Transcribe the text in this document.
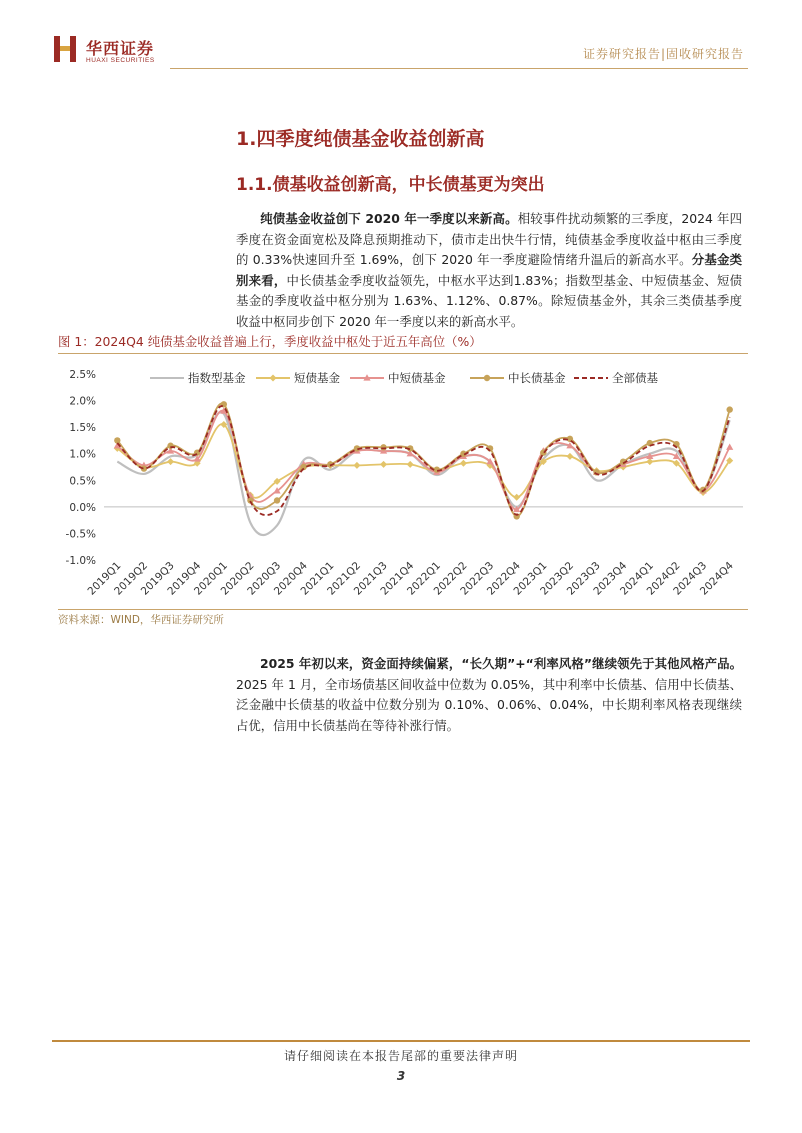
华西证券
HUAXI SECURITIES	证券研究报告|固收研究报告
1.四季度纯债基金收益创新高
1.1.债基收益创新高，中长债基更为突出
纯债基金收益创下 2020 年一季度以来新高。相较事件扰动频繁的三季度，2024 年四季度在资金面宽松及降息预期推动下，债市走出快牛行情，纯债基金季度收益中枢由三季度的 0.33%快速回升至 1.69%，创下 2020 年一季度避险情绪升温后的新高水平。分基金类别来看，中长债基金季度收益领先，中枢水平达到1.83%；指数型基金、中短债基金、短债基金的季度收益中枢分别为 1.63%、1.12%、0.87%。除短债基金外，其余三类债基季度收益中枢同步创下 2020 年一季度以来的新高水平。
图 1：2024Q4 纯债基金收益普遍上行，季度收益中枢处于近五年高位（%）
指数型基金	短债基金	中短债基金	中长债基金	全部债基
2.5%
2.0%
1.5%
1.0%
0.5%
0.0%
-0.5%
-1.0%
2019Q1
2019Q2
2019Q3
2019Q4
2020Q1
2020Q2
2020Q3
2020Q4
2021Q1
2021Q2
2021Q3
2021Q4
2022Q1
2022Q2
2022Q3
2022Q4
2023Q1
2023Q2
2023Q3
2023Q4
2024Q1
2024Q2
2024Q3
2024Q4
资料来源：WIND，华西证券研究所
2025 年初以来，资金面持续偏紧，“长久期”+“利率风格”继续领先于其他风格产品。2025 年 1 月，全市场债基区间收益中位数为 0.05%，其中利率中长债基、信用中长债基、泛金融中长债基的收益中位数分别为 0.10%、0.06%、0.04%，中长期利率风格表现继续占优，信用中长债基尚在等待补涨行情。
请仔细阅读在本报告尾部的重要法律声明
3
